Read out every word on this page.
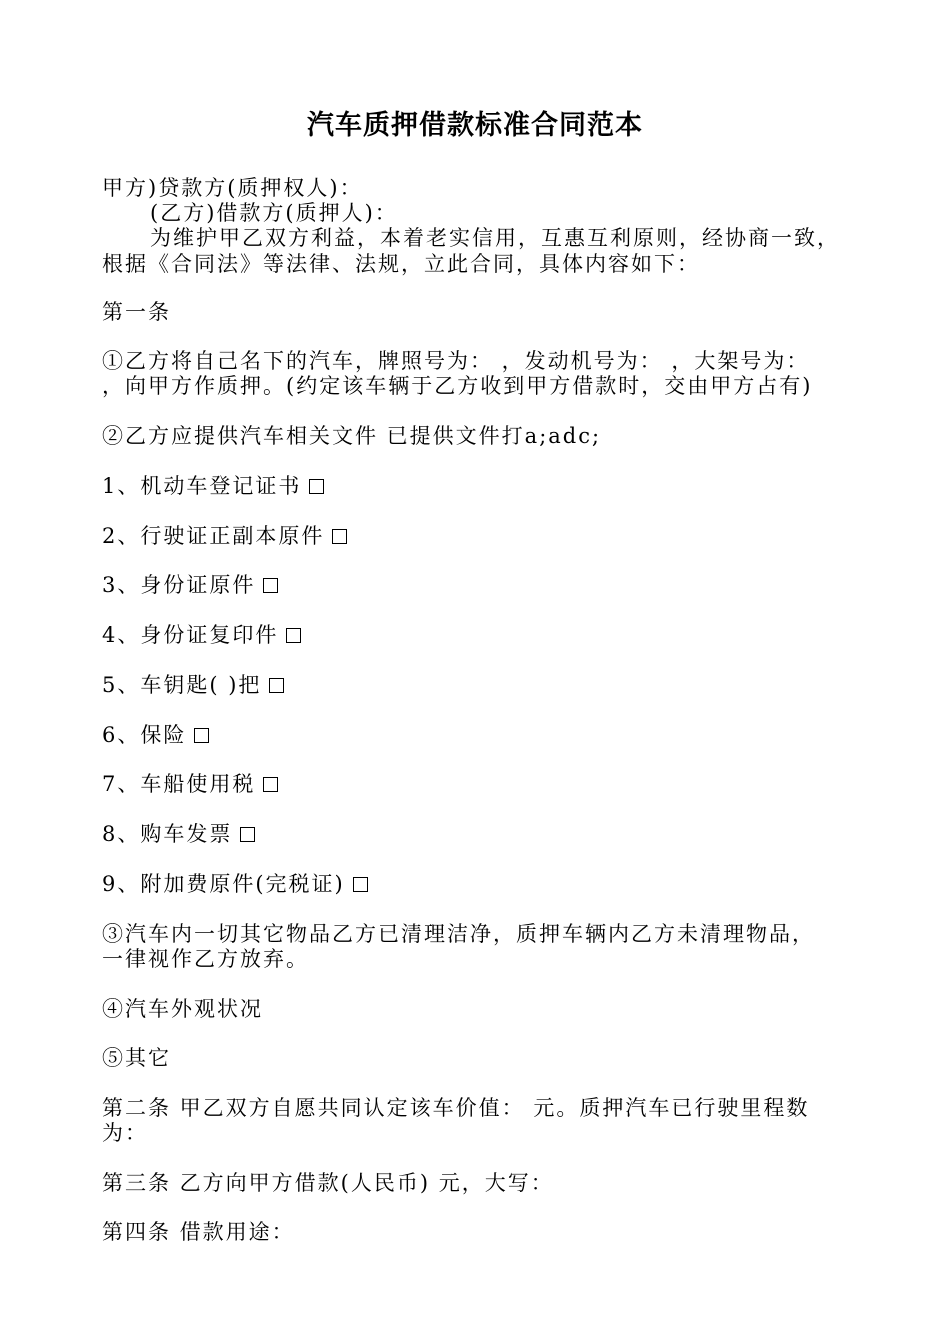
汽车质押借款标准合同范本
甲方)贷款方(质押权人)：
(乙方)借款方(质押人)：
为维护甲乙双方利益，本着老实信用，互惠互利原则，经协商一致，
根据《合同法》等法律、法规，立此合同，具体内容如下：
第一条
①乙方将自己名下的汽车，牌照号为： ，发动机号为： ，大架号为：
，向甲方作质押。(约定该车辆于乙方收到甲方借款时，交由甲方占有)
②乙方应提供汽车相关文件 已提供文件打a;adc;
1、机动车登记证书
2、行驶证正副本原件
3、身份证原件
4、身份证复印件
5、车钥匙( )把
6、保险
7、车船使用税
8、购车发票
9、附加费原件(完税证)
③汽车内一切其它物品乙方已清理洁净，质押车辆内乙方未清理物品，
一律视作乙方放弃。
④汽车外观状况
⑤其它
第二条 甲乙双方自愿共同认定该车价值： 元。质押汽车已行驶里程数
为：
第三条 乙方向甲方借款(人民币) 元，大写：
第四条 借款用途：
